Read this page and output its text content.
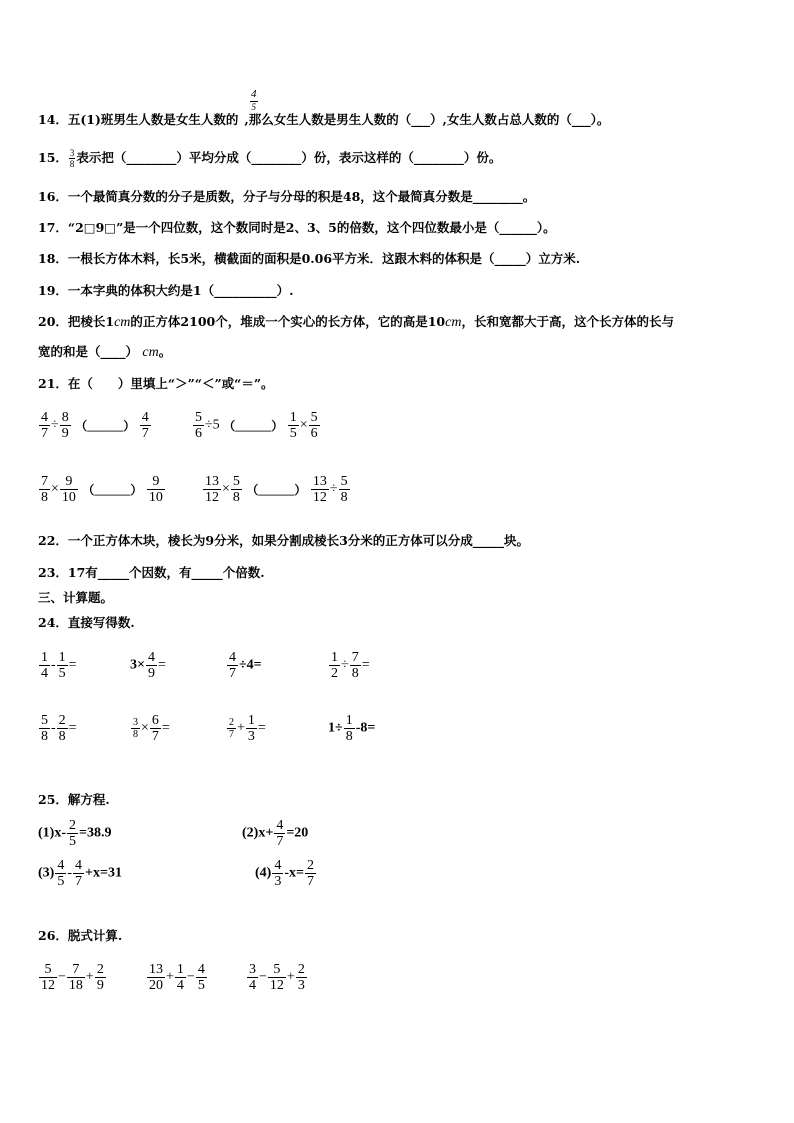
14．五(1)班男生人数是女生人数的 ,那么女生人数是男生人数的（___）,女生人数占总人数的（___）。
4
5
15． $\frac{3}{8}$ 表示把（________）平均分成（________）份，表示这样的（________）份。
16．一个最简真分数的分子是质数，分子与分母的积是48，这个最简真分数是________。
17．“2□9□”是一个四位数，这个数同时是2、3、5的倍数，这个四位数最小是（______）。
18．一根长方体木料，长5米，横截面的面积是0.06平方米．这跟木料的体积是（_____）立方米.
19．一本字典的体积大约是1（__________）.
20．把棱长1cm的正方体2100个，堆成一个实心的长方体，它的高是10cm，长和宽都大于高，这个长方体的长与
宽的和是（____） cm。
21．在（　　）里填上“＞”“＜”或“＝”。
$\frac{4}{7} \div \frac{8}{9}$ （______） $\frac{4}{7}$	$\frac{5}{6} \div 5$ （______） $\frac{1}{5} \times \frac{5}{6}$
$\frac{7}{8} \times \frac{9}{10}$ （______） $\frac{9}{10}$	$\frac{13}{12} \times \frac{5}{8}$ （______） $\frac{13}{12} \div \frac{5}{8}$
22．一个正方体木块，棱长为9分米，如果分割成棱长3分米的正方体可以分成_____块。
23．17有_____个因数，有_____个倍数.
三、计算题。
24．直接写得数.
$\frac{1}{4} - \frac{1}{5}$ =	$3\times \frac{4}{9}$ =	$\frac{4}{7} \div 4=$	$\frac{1}{2} \div \frac{7}{8}$ =
$\frac{5}{8} - \frac{2}{8}$ =	$\frac{3}{8} \times \frac{6}{7}$ =	$\frac{2}{7} + \frac{1}{3}$ =	$1\div \frac{1}{8} -8=$
25．解方程.
$(1)x- \frac{2}{5} =38.9$	$(2)x+ \frac{4}{7} =20$
$(3) \frac{4}{5} - \frac{4}{7} +x=31$	$(4) \frac{4}{3} -x= \frac{2}{7}$
26．脱式计算.
$\frac{5}{12} - \frac{7}{18} + \frac{2}{9}$	$\frac{13}{20} + \frac{1}{4} - \frac{4}{5}$	$\frac{3}{4} - \frac{5}{12} + \frac{2}{3}$
